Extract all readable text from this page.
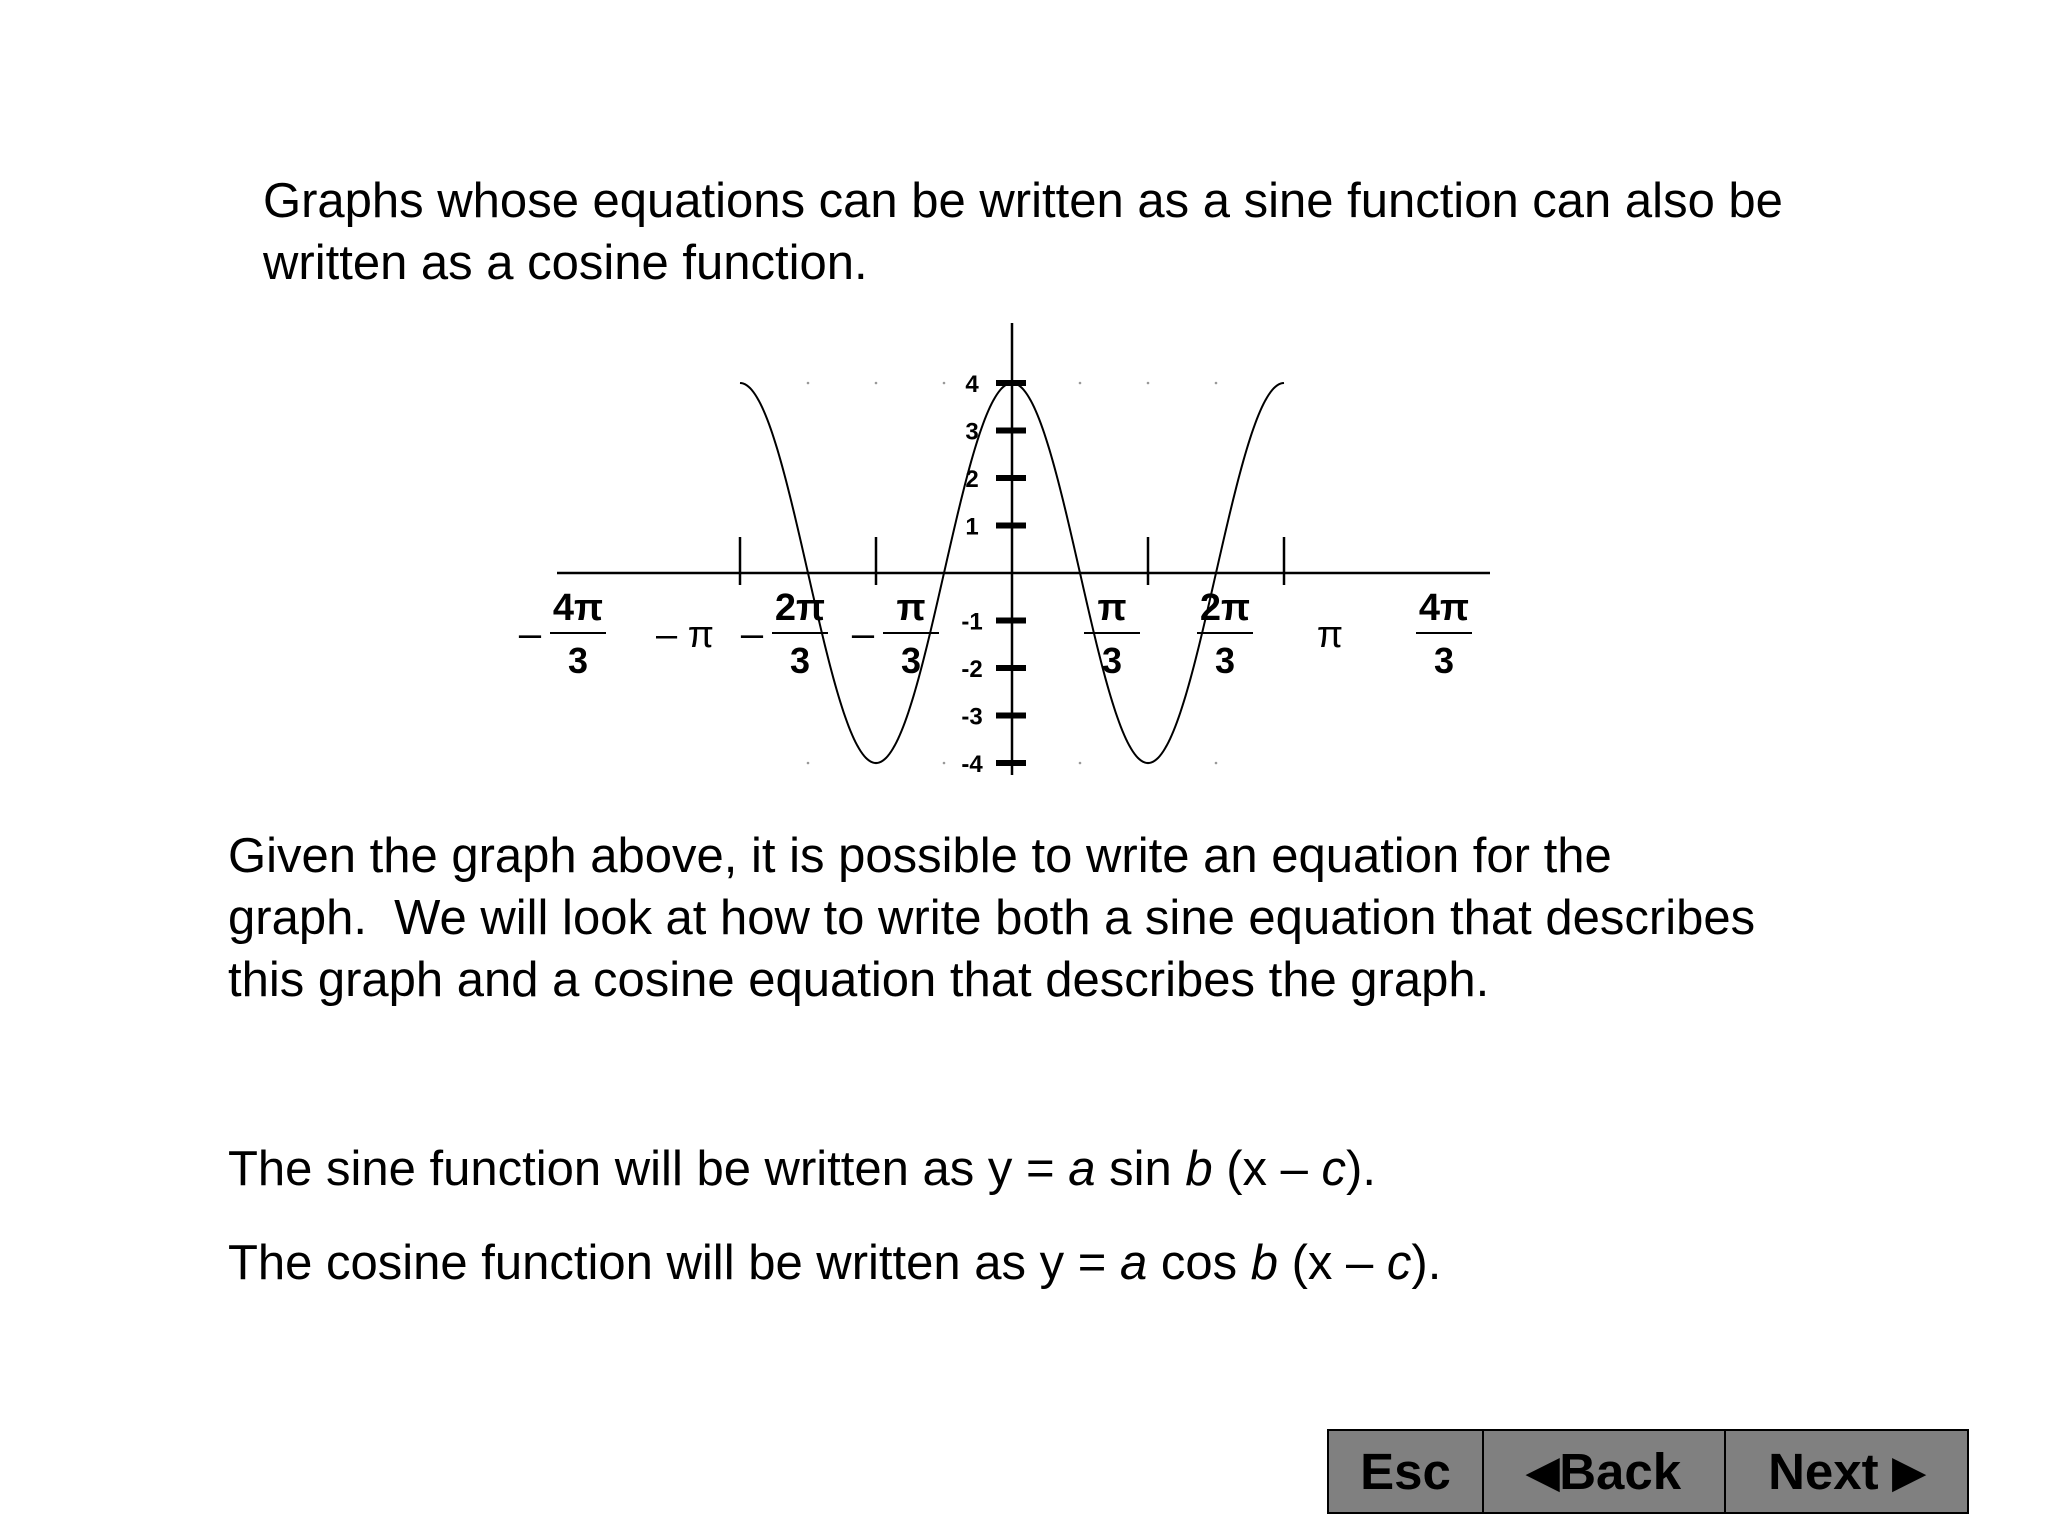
Graphs whose equations can be written as a sine function can also be
written as a cosine function.

–
4π
3
– π –
2π
3
–
π
3
π
3
2π
3
π
4π
3
4
3
2
1
-1
-2
-3
-4

Given the graph above, it is possible to write an equation for the
graph.  We will look at how to write both a sine equation that describes
this graph and a cosine equation that describes the graph.

The sine function will be written as y = a sin b (x – c).

The cosine function will be written as y = a cos b (x – c).

Esc ◀ Back Next ▶
